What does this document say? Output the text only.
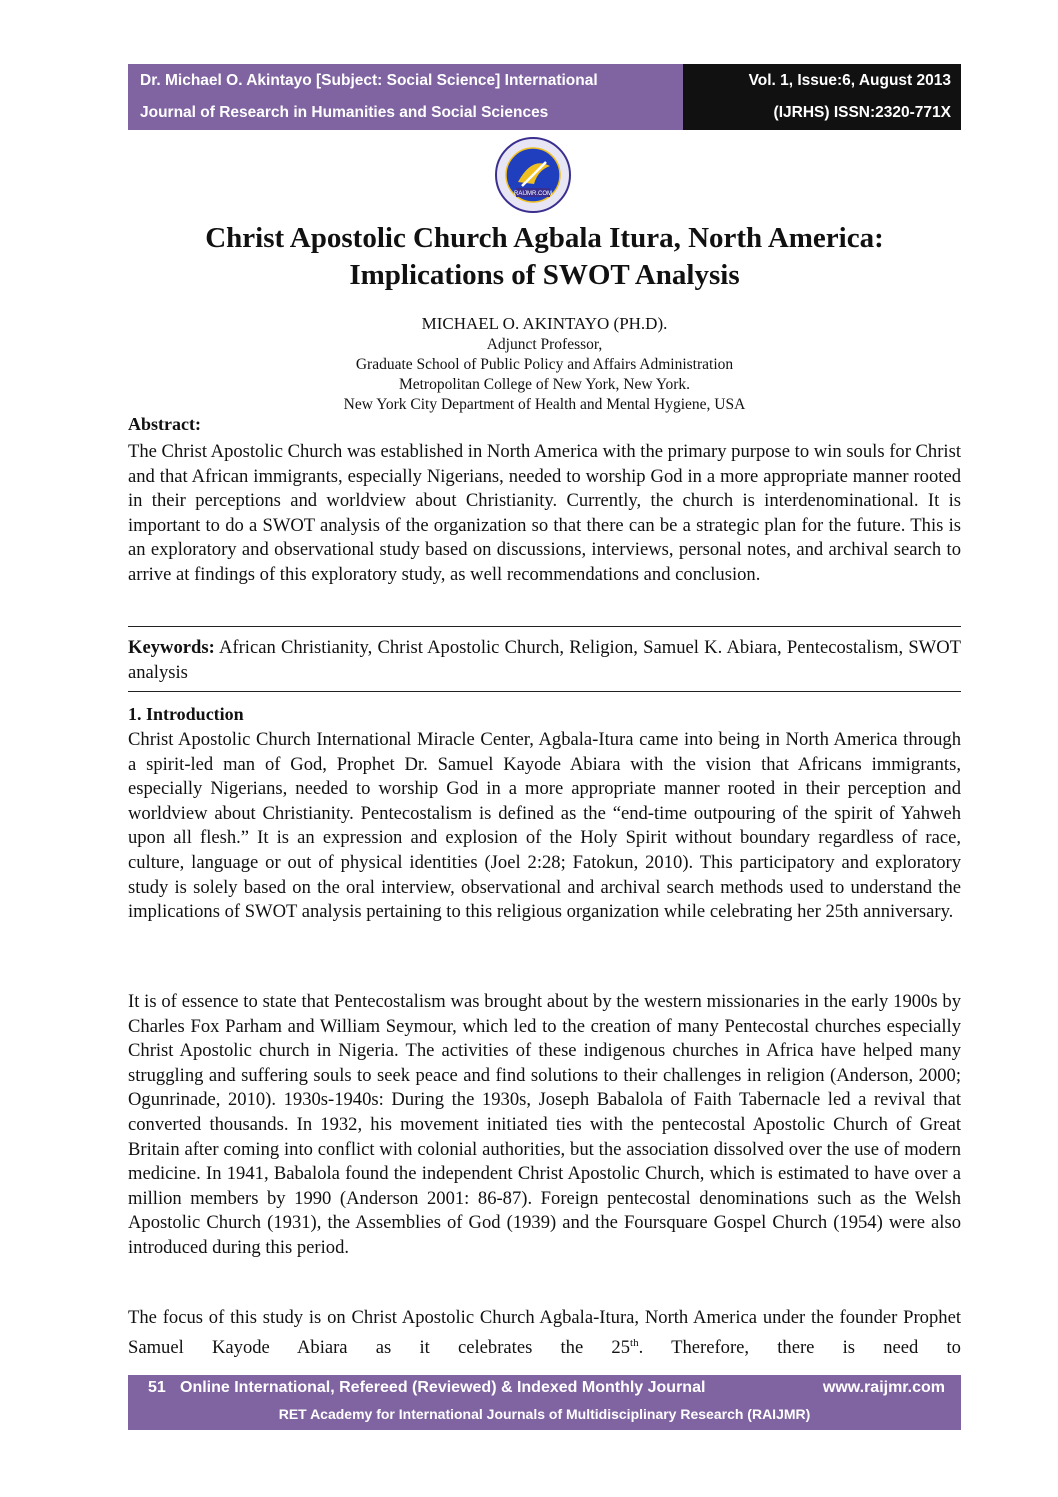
Dr. Michael O. Akintayo [Subject: Social Science] International
Journal of Research in Humanities and Social Sciences
Vol. 1, Issue:6, August 2013
(IJRHS) ISSN:2320-771X
RAIJMR.COM
Christ Apostolic Church Agbala Itura, North America:
Implications of SWOT Analysis
MICHAEL O. AKINTAYO (PH.D).
Adjunct Professor,
Graduate School of Public Policy and Affairs Administration
Metropolitan College of New York, New York.
New York City Department of Health and Mental Hygiene, USA
Abstract:
The Christ Apostolic Church was established in North America with the primary purpose to win souls for Christ and that African immigrants, especially Nigerians, needed to worship God in a more appropriate manner rooted in their perceptions and worldview about Christianity. Currently, the church is interdenominational. It is important to do a SWOT analysis of the organization so that there can be a strategic plan for the future. This is an exploratory and observational study based on discussions, interviews, personal notes, and archival search to arrive at findings of this exploratory study, as well recommendations and conclusion.
Keywords: African Christianity, Christ Apostolic Church, Religion, Samuel K. Abiara, Pentecostalism, SWOT analysis
1. Introduction
Christ Apostolic Church International Miracle Center, Agbala-Itura came into being in North America through a spirit-led man of God, Prophet Dr. Samuel Kayode Abiara with the vision that Africans immigrants, especially Nigerians, needed to worship God in a more appropriate manner rooted in their perception and worldview about Christianity. Pentecostalism is defined as the “end-time outpouring of the spirit of Yahweh upon all flesh.” It is an expression and explosion of the Holy Spirit without boundary regardless of race, culture, language or out of physical identities (Joel 2:28; Fatokun, 2010). This participatory and exploratory study is solely based on the oral interview, observational and archival search methods used to understand the implications of SWOT analysis pertaining to this religious organization while celebrating her 25th anniversary.
It is of essence to state that Pentecostalism was brought about by the western missionaries in the early 1900s by Charles Fox Parham and William Seymour, which led to the creation of many Pentecostal churches especially Christ Apostolic church in Nigeria. The activities of these indigenous churches in Africa have helped many struggling and suffering souls to seek peace and find solutions to their challenges in religion (Anderson, 2000; Ogunrinade, 2010). 1930s-1940s: During the 1930s, Joseph Babalola of Faith Tabernacle led a revival that converted thousands. In 1932, his movement initiated ties with the pentecostal Apostolic Church of Great Britain after coming into conflict with colonial authorities, but the association dissolved over the use of modern medicine. In 1941, Babalola found the independent Christ Apostolic Church, which is estimated to have over a million members by 1990 (Anderson 2001: 86-87). Foreign pentecostal denominations such as the Welsh Apostolic Church (1931), the Assemblies of God (1939) and the Foursquare Gospel Church (1954) were also introduced during this period.
The focus of this study is on Christ Apostolic Church Agbala-Itura, North America under the founder Prophet Samuel Kayode Abiara as it celebrates the 25th. Therefore, there is need to
51 Online International, Refereed (Reviewed) & Indexed Monthly Journal	www.raijmr.com
RET Academy for International Journals of Multidisciplinary Research (RAIJMR)
